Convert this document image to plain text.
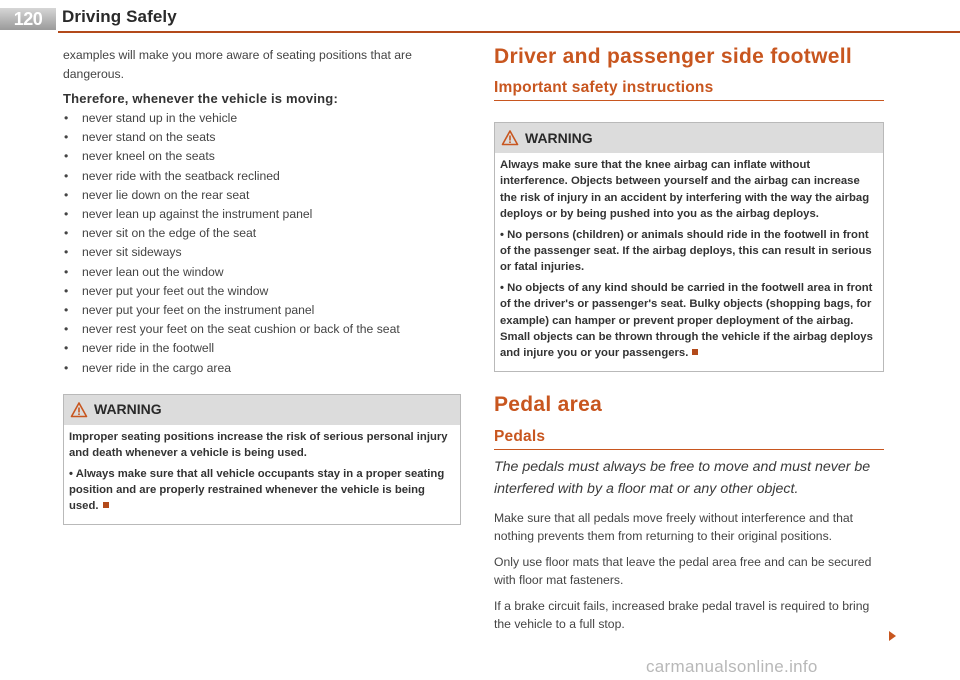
120	Driving Safely

examples will make you more aware of seating positions that are dangerous.

Therefore, whenever the vehicle is moving:

• never stand up in the vehicle
• never stand on the seats
• never kneel on the seats
• never ride with the seatback reclined
• never lie down on the rear seat
• never lean up against the instrument panel
• never sit on the edge of the seat
• never sit sideways
• never lean out the window
• never put your feet out the window
• never put your feet on the instrument panel
• never rest your feet on the seat cushion or back of the seat
• never ride in the footwell
• never ride in the cargo area
WARNING

Improper seating positions increase the risk of serious personal injury and death whenever a vehicle is being used.

• Always make sure that all vehicle occupants stay in a proper seating position and are properly restrained whenever the vehicle is being used.

Driver and passenger side footwell
Important safety instructions
WARNING

Always make sure that the knee airbag can inflate without interference. Objects between yourself and the airbag can increase the risk of injury in an accident by interfering with the way the airbag deploys or by being pushed into you as the airbag deploys.

• No persons (children) or animals should ride in the footwell in front of the passenger seat. If the airbag deploys, this can result in serious or fatal injuries.

• No objects of any kind should be carried in the footwell area in front of the driver's or passenger's seat. Bulky objects (shopping bags, for example) can hamper or prevent proper deployment of the airbag. Small objects can be thrown through the vehicle if the airbag deploys and injure you or your passengers.

Pedal area
Pedals

The pedals must always be free to move and must never be interfered with by a floor mat or any other object.

Make sure that all pedals move freely without interference and that nothing prevents them from returning to their original positions.

Only use floor mats that leave the pedal area free and can be secured with floor mat fasteners.

If a brake circuit fails, increased brake pedal travel is required to bring the vehicle to a full stop.

carmanualsonline.info
